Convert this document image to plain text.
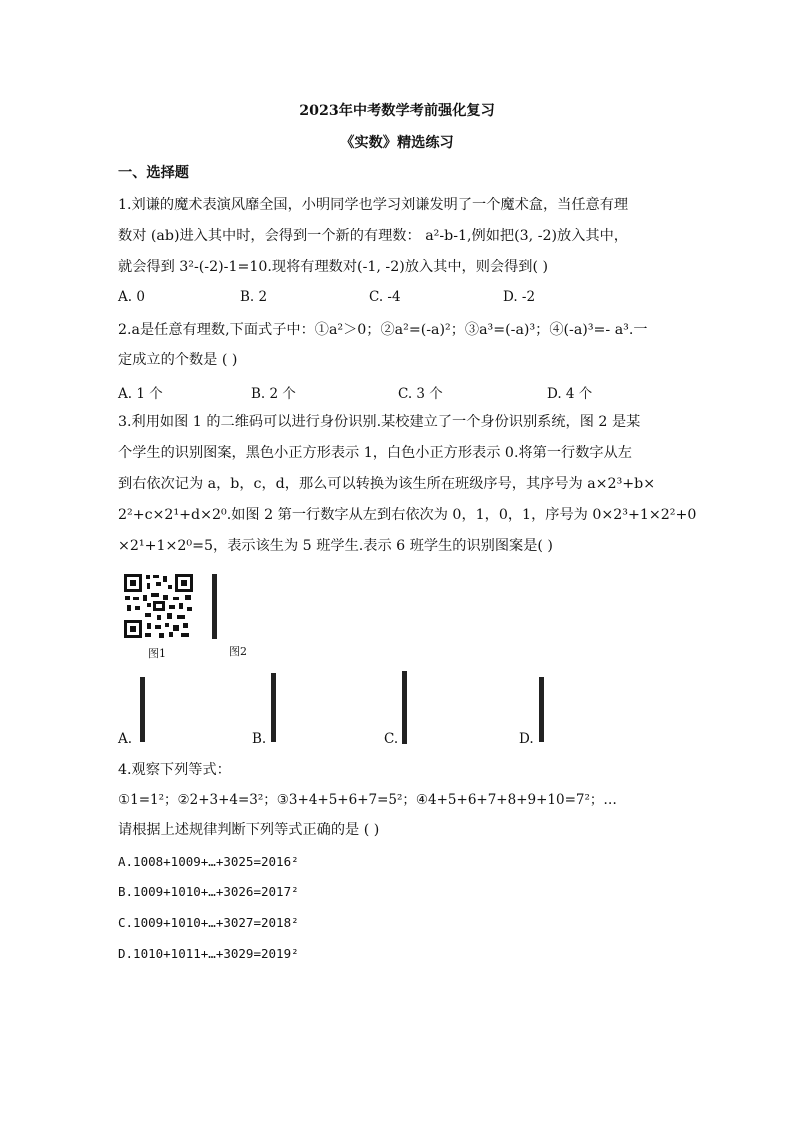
2023年中考数学考前强化复习
《实数》精选练习
一、选择题
1.刘谦的魔术表演风靡全国，小明同学也学习刘谦发明了一个魔术盒，当任意有理
数对 (ab)进入其中时，会得到一个新的有理数： a²-b-1,例如把(3, -2)放入其中，
就会得到 3²-(-2)-1=10.现将有理数对(-1, -2)放入其中，则会得到( )
A. 0	B. 2	C. -4	D. -2
2.a是任意有理数,下面式子中：①a²＞0；②a²=(-a)²；③a³=(-a)³；④(-a)³=- a³.一
定成立的个数是 ( )
A. 1 个	B. 2 个	C. 3 个	D. 4 个
3.利用如图 1 的二维码可以进行身份识别.某校建立了一个身份识别系统，图 2 是某
个学生的识别图案，黑色小正方形表示 1，白色小正方形表示 0.将第一行数字从左
到右依次记为 a，b，c，d，那么可以转换为该生所在班级序号，其序号为 a×2³+b×
2²+c×2¹+d×2⁰.如图 2 第一行数字从左到右依次为 0，1，0，1，序号为 0×2³+1×2²+0
×2¹+1×2⁰=5，表示该生为 5 班学生.表示 6 班学生的识别图案是( )
图1

				图2
A.	B.	C.	D.

4.观察下列等式：
①1=1²；②2+3+4=3²；③3+4+5+6+7=5²；④4+5+6+7+8+9+10=7²；…
请根据上述规律判断下列等式正确的是 ( )
A.1008+1009+…+3025=2016²
B.1009+1010+…+3026=2017²
C.1009+1010+…+3027=2018²
D.1010+1011+…+3029=2019²
